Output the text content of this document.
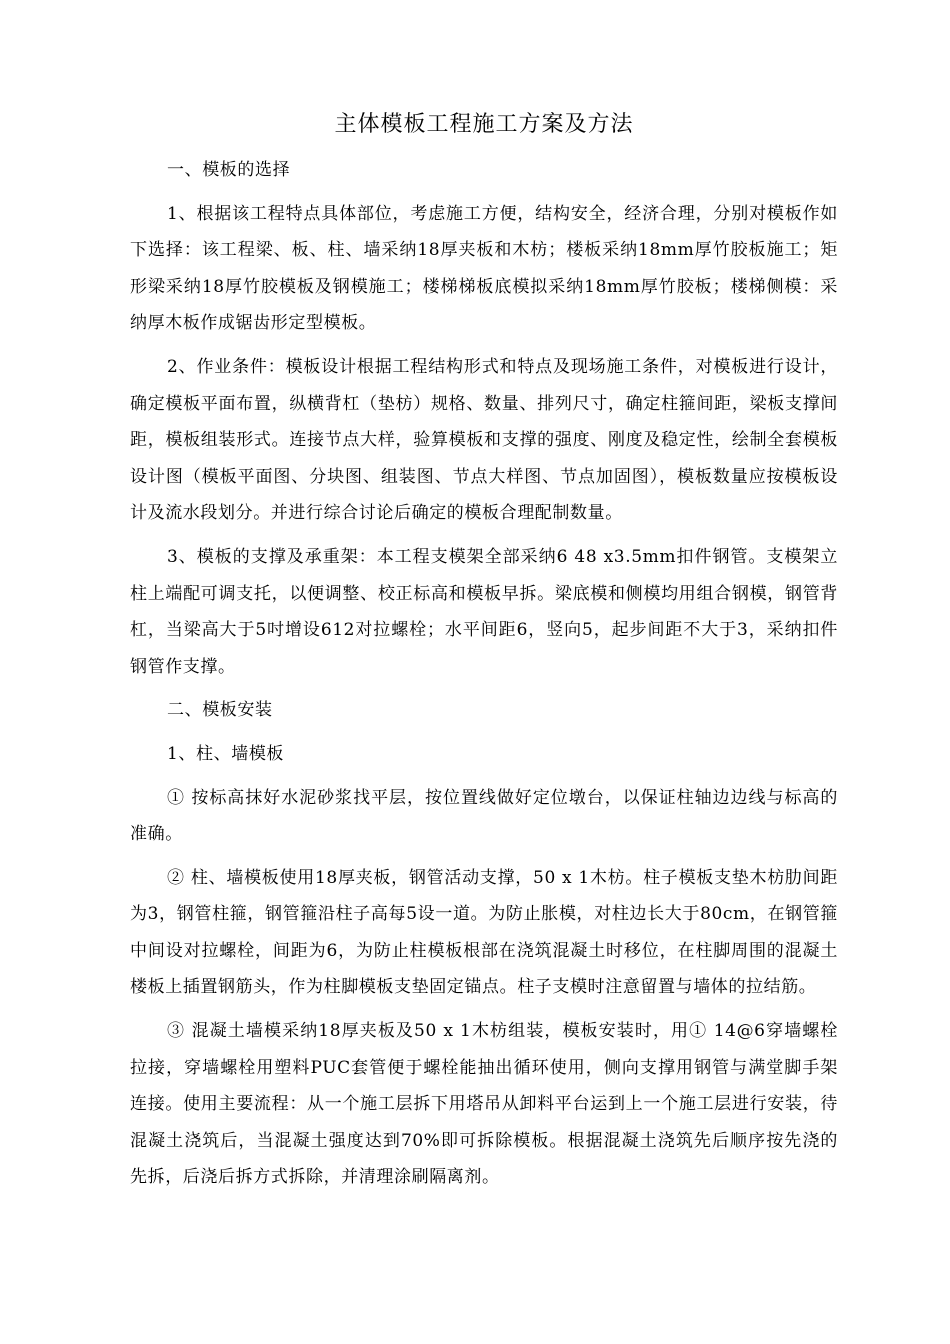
主体模板工程施工方案及方法

一、模板的选择

1、根据该工程特点具体部位，考虑施工方便，结构安全，经济合理，分别对模板作如下选择：该工程梁、板、柱、墙采纳18厚夹板和木枋；楼板采纳18mm厚竹胶板施工；矩形梁采纳18厚竹胶模板及钢模施工；楼梯梯板底模拟采纳18mm厚竹胶板；楼梯侧模：采纳厚木板作成锯齿形定型模板。

2、作业条件：模板设计根据工程结构形式和特点及现场施工条件，对模板进行设计，确定模板平面布置，纵横背杠（垫枋）规格、数量、排列尺寸，确定柱箍间距，梁板支撑间距，模板组装形式。连接节点大样，验算模板和支撑的强度、刚度及稳定性，绘制全套模板设计图（模板平面图、分块图、组装图、节点大样图、节点加固图），模板数量应按模板设计及流水段划分。并进行综合讨论后确定的模板合理配制数量。

3、模板的支撑及承重架：本工程支模架全部采纳6 48 x3.5mm扣件钢管。支模架立柱上端配可调支托，以便调整、校正标高和模板早拆。梁底模和侧模均用组合钢模，钢管背杠，当梁高大于5吋增设612对拉螺栓；水平间距6，竖向5，起步间距不大于3，采纳扣件钢管作支撑。

二、模板安装

1、柱、墙模板

① 按标高抹好水泥砂浆找平层，按位置线做好定位墩台，以保证柱轴边边线与标高的准确。

② 柱、墙模板使用18厚夹板，钢管活动支撑，50 x 1木枋。柱子模板支垫木枋肋间距为3，钢管柱箍，钢管箍沿柱子高每5设一道。为防止胀模，对柱边长大于80cm，在钢管箍中间设对拉螺栓，间距为6，为防止柱模板根部在浇筑混凝土时移位，在柱脚周围的混凝土楼板上插置钢筋头，作为柱脚模板支垫固定锚点。柱子支模时注意留置与墙体的拉结筋。

③ 混凝土墙模采纳18厚夹板及50 x 1木枋组装，模板安装时，用① 14@6穿墙螺栓拉接，穿墙螺栓用塑料PUC套管便于螺栓能抽出循环使用，侧向支撑用钢管与满堂脚手架连接。使用主要流程：从一个施工层拆下用塔吊从卸料平台运到上一个施工层进行安装，待混凝土浇筑后，当混凝土强度达到70%即可拆除模板。根据混凝土浇筑先后顺序按先浇的先拆，后浇后拆方式拆除，并清理涂刷隔离剂。
